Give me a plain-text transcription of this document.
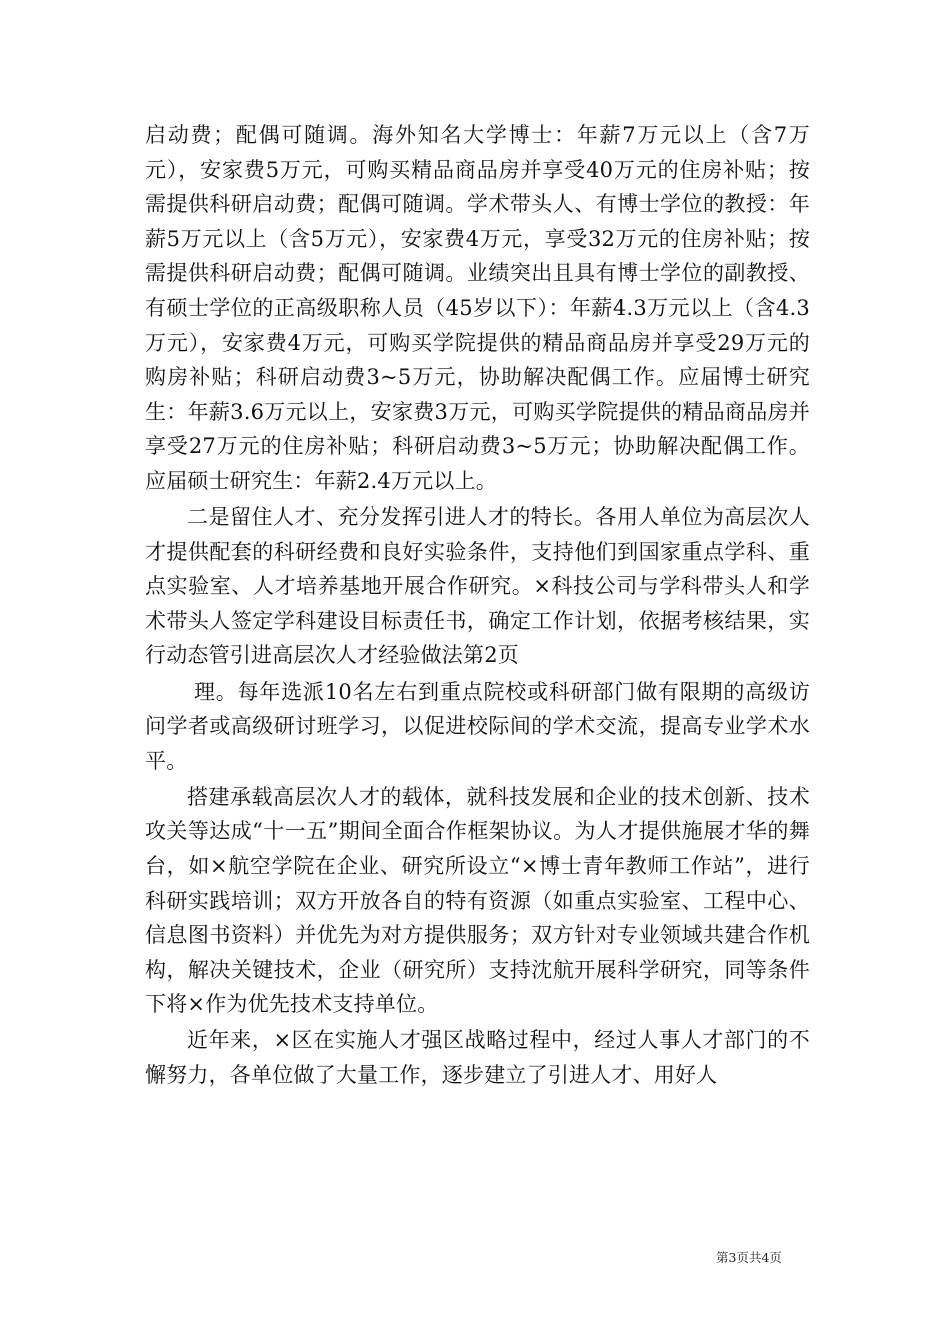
启动费；配偶可随调。海外知名大学博士：年薪7万元以上（含7万元），安家费5万元，可购买精品商品房并享受40万元的住房补贴；按需提供科研启动费；配偶可随调。学术带头人、有博士学位的教授：年薪5万元以上（含5万元），安家费4万元，享受32万元的住房补贴；按需提供科研启动费；配偶可随调。业绩突出且具有博士学位的副教授、有硕士学位的正高级职称人员（45岁以下）：年薪4.3万元以上（含4.3万元），安家费4万元，可购买学院提供的精品商品房并享受29万元的购房补贴；科研启动费3~5万元，协助解决配偶工作。应届博士研究生：年薪3.6万元以上，安家费3万元，可购买学院提供的精品商品房并享受27万元的住房补贴；科研启动费3~5万元；协助解决配偶工作。应届硕士研究生：年薪2.4万元以上。

二是留住人才、充分发挥引进人才的特长。各用人单位为高层次人才提供配套的科研经费和良好实验条件，支持他们到国家重点学科、重点实验室、人才培养基地开展合作研究。×科技公司与学科带头人和学术带头人签定学科建设目标责任书，确定工作计划，依据考核结果，实行动态管引进高层次人才经验做法第2页

理。每年选派10名左右到重点院校或科研部门做有限期的高级访问学者或高级研讨班学习，以促进校际间的学术交流，提高专业学术水平。

搭建承载高层次人才的载体，就科技发展和企业的技术创新、技术攻关等达成“十一五”期间全面合作框架协议。为人才提供施展才华的舞台，如×航空学院在企业、研究所设立“×博士青年教师工作站”，进行科研实践培训；双方开放各自的特有资源（如重点实验室、工程中心、信息图书资料）并优先为对方提供服务；双方针对专业领域共建合作机构，解决关键技术，企业（研究所）支持沈航开展科学研究，同等条件下将×作为优先技术支持单位。

近年来，×区在实施人才强区战略过程中，经过人事人才部门的不懈努力，各单位做了大量工作，逐步建立了引进人才、用好人

第3页共4页
